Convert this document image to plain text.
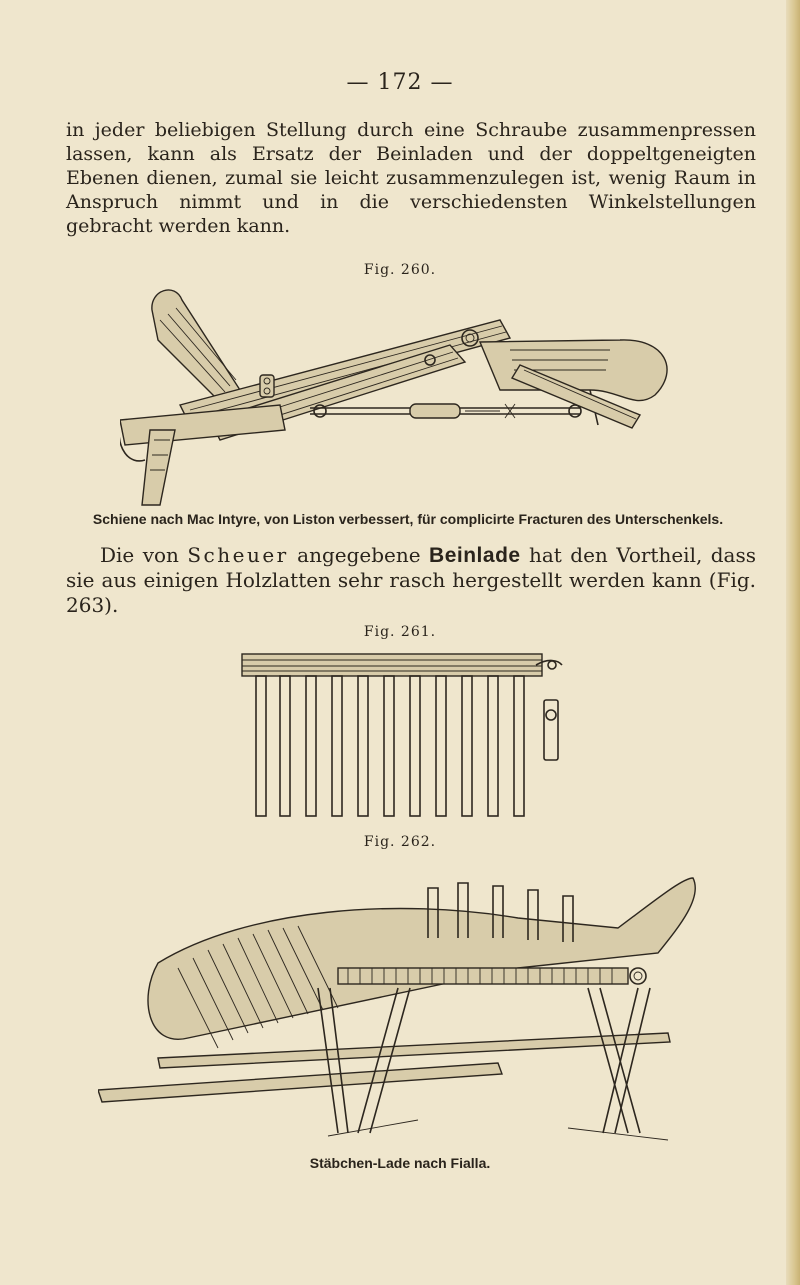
— 172 —

in jeder beliebigen Stellung durch eine Schraube zusammenpressen lassen, kann als Ersatz der Beinladen und der doppeltgeneigten Ebenen dienen, zumal sie leicht zusammenzulegen ist, wenig Raum in Anspruch nimmt und in die verschiedensten Winkelstellungen gebracht werden kann.

Fig. 260.
Schiene nach Mac Intyre, von Liston verbessert, für complicirte Fracturen des Unterschenkels.

Die von Scheuer angegebene Beinlade hat den Vortheil, dass sie aus einigen Holzlatten sehr rasch hergestellt werden kann (Fig. 263).

Fig. 261.
Fig. 262.
Stäbchen-Lade nach Fialla.
